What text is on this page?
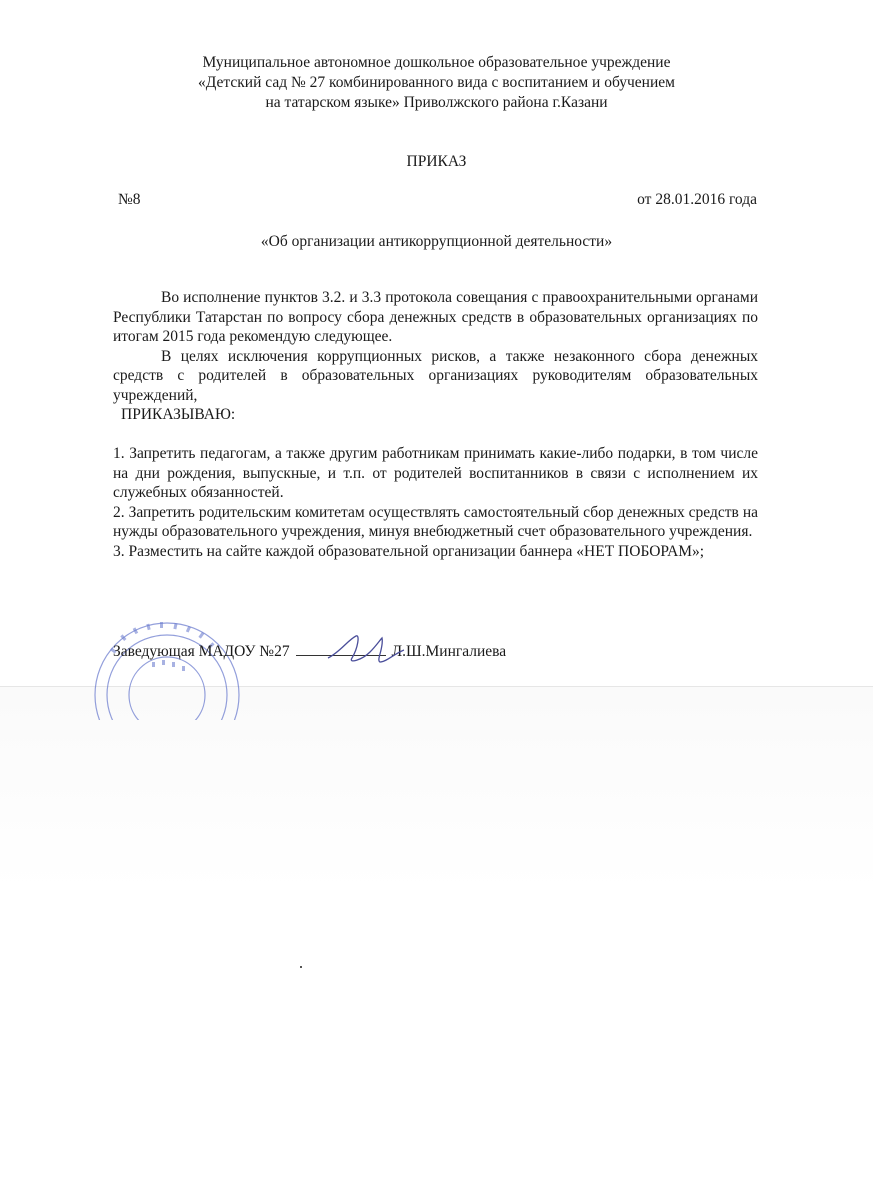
Муниципальное автономное дошкольное образовательное учреждение
«Детский сад № 27 комбинированного вида с воспитанием и обучением
на татарском языке» Приволжского района г.Казани
ПРИКАЗ
№8	от 28.01.2016 года
«Об организации антикоррупционной деятельности»

Во исполнение пунктов 3.2. и 3.3 протокола совещания с правоохранительными органами Республики Татарстан по вопросу сбора денежных средств в образовательных организациях по итогам 2015 года рекомендую следующее.

В целях исключения коррупционных рисков, а также незаконного сбора денежных средств с родителей в образовательных организациях руководителям образовательных учреждений,

ПРИКАЗЫВАЮ:

1. Запретить педагогам, а также другим работникам принимать какие-либо подарки, в том числе на дни рождения, выпускные, и т.п. от родителей воспитанников в связи с исполнением их служебных обязанностей.

2. Запретить родительским комитетам осуществлять самостоятельный сбор денежных средств на нужды образовательного учреждения, минуя внебюджетный счет образовательного учреждения.

3. Разместить на сайте каждой образовательной организации баннера «НЕТ ПОБОРАМ»;

Заведующая МАДОУ №27	Л.Ш.Мингалиева
